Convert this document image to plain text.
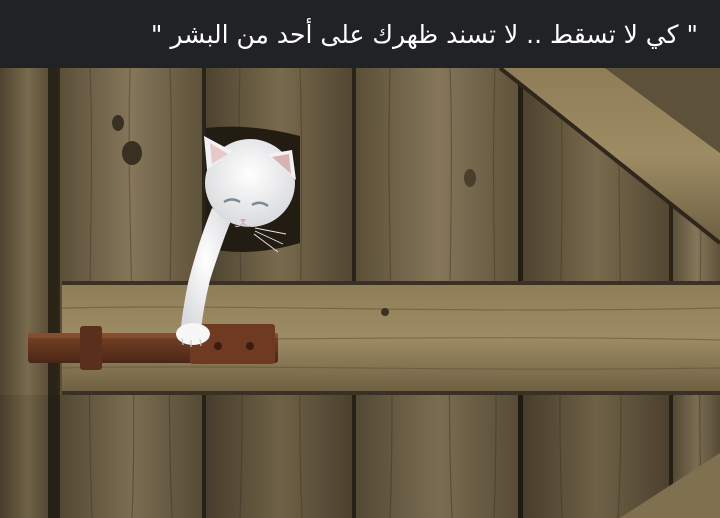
" كي لا تسقط .. لا تسند ظهرك على أحد من البشر "
